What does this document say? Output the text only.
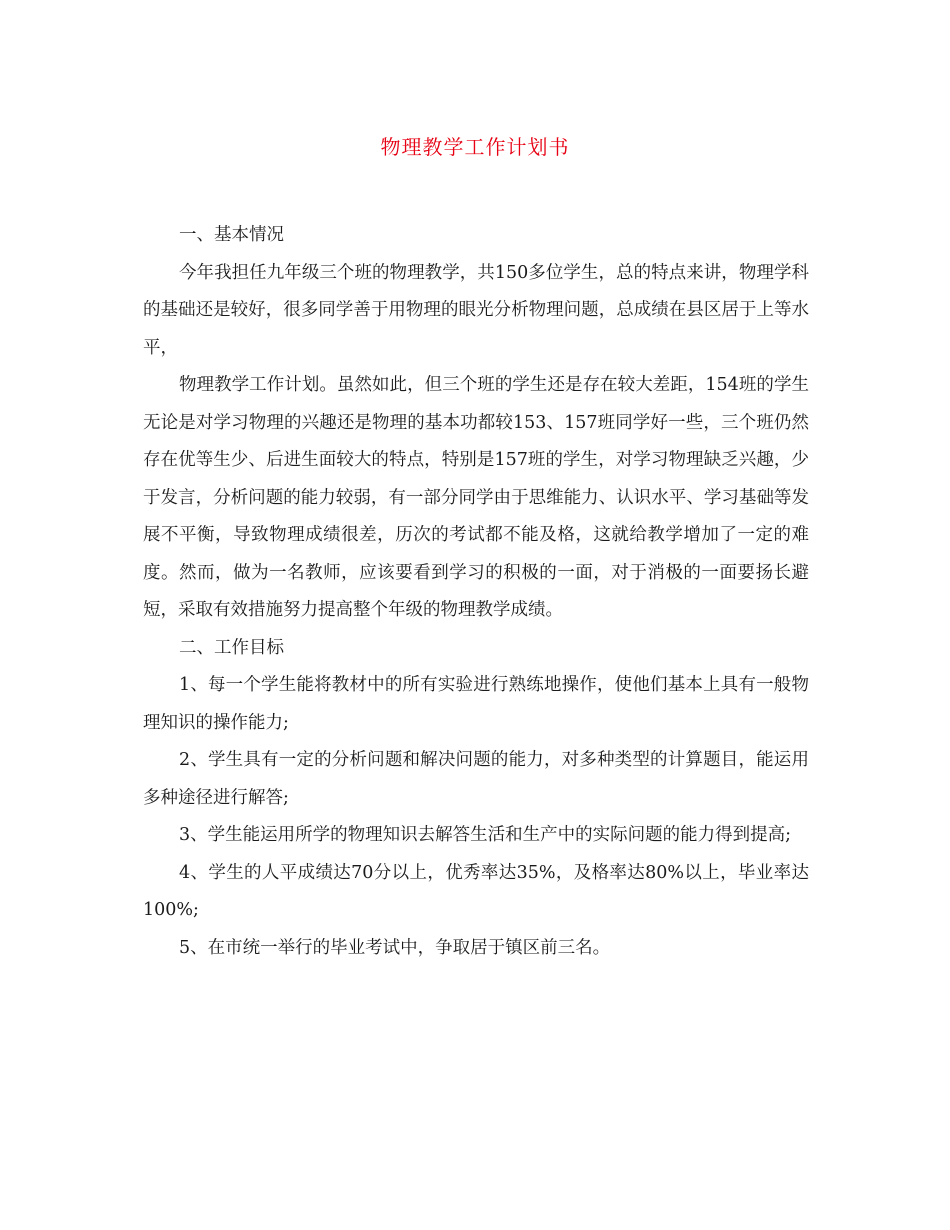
物理教学工作计划书

一、基本情况

今年我担任九年级三个班的物理教学，共150多位学生，总的特点来讲，物理学科的基础还是较好，很多同学善于用物理的眼光分析物理问题，总成绩在县区居于上等水平，

物理教学工作计划。虽然如此，但三个班的学生还是存在较大差距，154班的学生无论是对学习物理的兴趣还是物理的基本功都较153、157班同学好一些，三个班仍然存在优等生少、后进生面较大的特点，特别是157班的学生，对学习物理缺乏兴趣，少于发言，分析问题的能力较弱，有一部分同学由于思维能力、认识水平、学习基础等发展不平衡，导致物理成绩很差，历次的考试都不能及格，这就给教学增加了一定的难度。然而，做为一名教师，应该要看到学习的积极的一面，对于消极的一面要扬长避短，采取有效措施努力提高整个年级的物理教学成绩。

二、工作目标

1、每一个学生能将教材中的所有实验进行熟练地操作，使他们基本上具有一般物理知识的操作能力;

2、学生具有一定的分析问题和解决问题的能力，对多种类型的计算题目，能运用多种途径进行解答;

3、学生能运用所学的物理知识去解答生活和生产中的实际问题的能力得到提高;

4、学生的人平成绩达70分以上，优秀率达35%，及格率达80%以上，毕业率达100%;

5、在市统一举行的毕业考试中，争取居于镇区前三名。
